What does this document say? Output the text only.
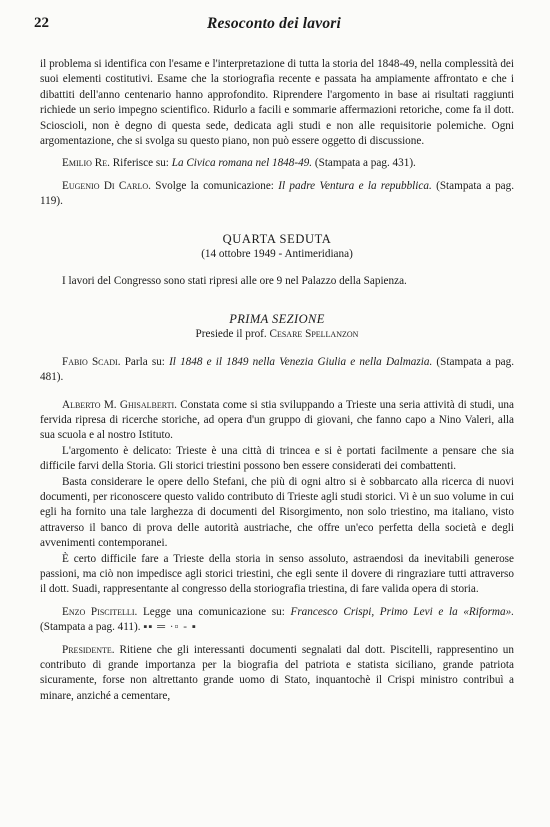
22	Resoconto dei lavori

il problema si identifica con l'esame e l'interpretazione di tutta la storia del 1848-49, nella complessità dei suoi elementi costitutivi. Esame che la storiografia recente e passata ha ampiamente affrontato e che i dibattiti dell'anno centenario hanno approfondito. Riprendere l'argomento in base ai risultati raggiunti richiede un serio impegno scientifico. Ridurlo a facili e sommarie affermazioni retoriche, come fa il dott. Scioscioli, non è degno di questa sede, dedicata agli studi e non alle requisitorie polemiche. Ogni argomentazione, che si svolga su questo piano, non può essere oggetto di discussione.

Emilio Re. Riferisce su: La Civica romana nel 1848-49. (Stampata a pag. 431).

Eugenio Di Carlo. Svolge la comunicazione: Il padre Ventura e la repubblica. (Stampata a pag. 119).

QUARTA SEDUTA

(14 ottobre 1949 - Antimeridiana)

I lavori del Congresso sono stati ripresi alle ore 9 nel Palazzo della Sapienza.

PRIMA SEZIONE

Presiede il prof. Cesare Spellanzon

Fabio Scadi. Parla su: Il 1848 e il 1849 nella Venezia Giulia e nella Dalmazia. (Stampata a pag. 481).

Alberto M. Ghisalberti. Constata come si stia sviluppando a Trieste una seria attività di studi, una fervida ripresa di ricerche storiche, ad opera d'un gruppo di giovani, che fanno capo a Nino Valeri, alla sua scuola e al nostro Istituto.

L'argomento è delicato: Trieste è una città di trincea e si è portati facilmente a pensare che sia difficile farvi della Storia. Gli storici triestini possono ben essere considerati dei combattenti.

Basta considerare le opere dello Stefani, che più di ogni altro si è sobbarcato alla ricerca di nuovi documenti, per riconoscere questo valido contributo di Trieste agli studi storici. Vi è un suo volume in cui egli ha fornito una tale larghezza di documenti del Risorgimento, non solo triestino, ma italiano, visto attraverso il banco di prova delle autorità austriache, che offre un'eco perfetta della società e degli avvenimenti contemporanei.

È certo difficile fare a Trieste della storia in senso assoluto, astraendosi da inevitabili generose passioni, ma ciò non impedisce agli storici triestini, che egli sente il dovere di ringraziare tutti attraverso il dott. Suadi, rappresentante al congresso della storiografia triestina, di fare valida opera di storia.

Enzo Piscitelli. Legge una comunicazione su: Francesco Crispi, Primo Levi e la «Riforma». (Stampata a pag. 411). ▪▪ ═ ·▫ - ▪

Presidente. Ritiene che gli interessanti documenti segnalati dal dott. Piscitelli, rappresentino un contributo di grande importanza per la biografia del patriota e statista siciliano, grande patriota sicuramente, forse non altrettanto grande uomo di Stato, inquantochè il Crispi ministro contribuì a minare, anziché a cementare,
